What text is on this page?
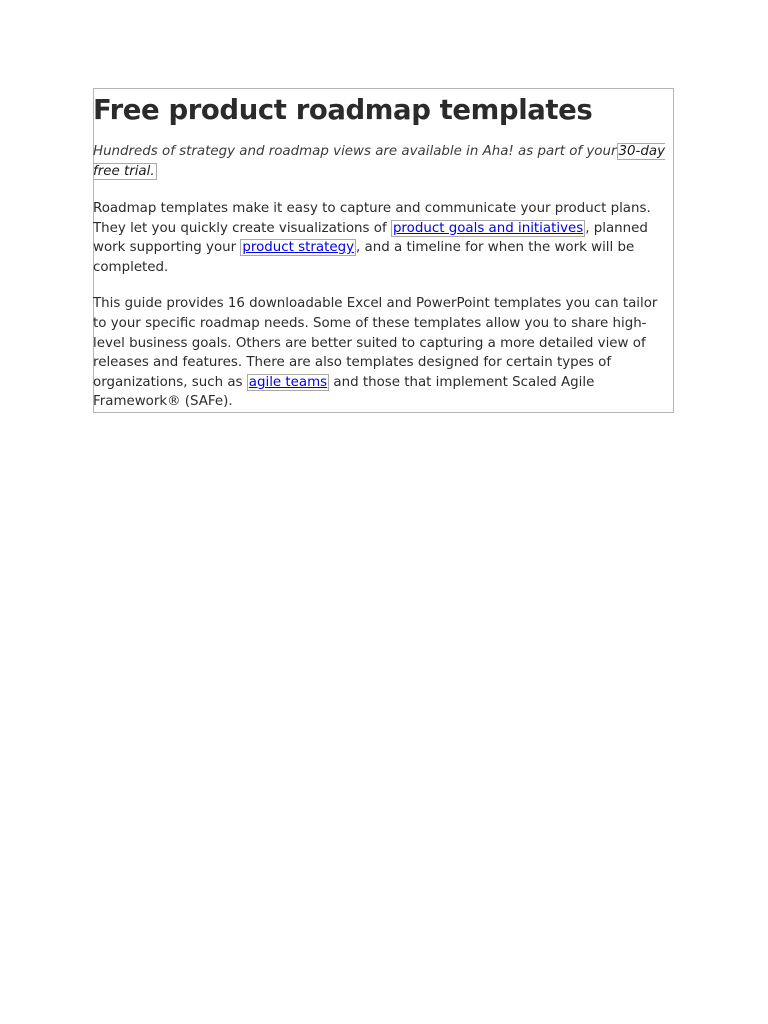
Free product roadmap templates

Hundreds of strategy and roadmap views are available in Aha! as part of your 30-day free trial.

Roadmap templates make it easy to capture and communicate your product plans. They let you quickly create visualizations of product goals and initiatives , planned work supporting your product strategy , and a timeline for when the work will be completed.

This guide provides 16 downloadable Excel and PowerPoint templates you can tailor to your specific roadmap needs. Some of these templates allow you to share high-level business goals. Others are better suited to capturing a more detailed view of releases and features. There are also templates designed for certain types of organizations, such as agile teams and those that implement Scaled Agile Framework® (SAFe).
